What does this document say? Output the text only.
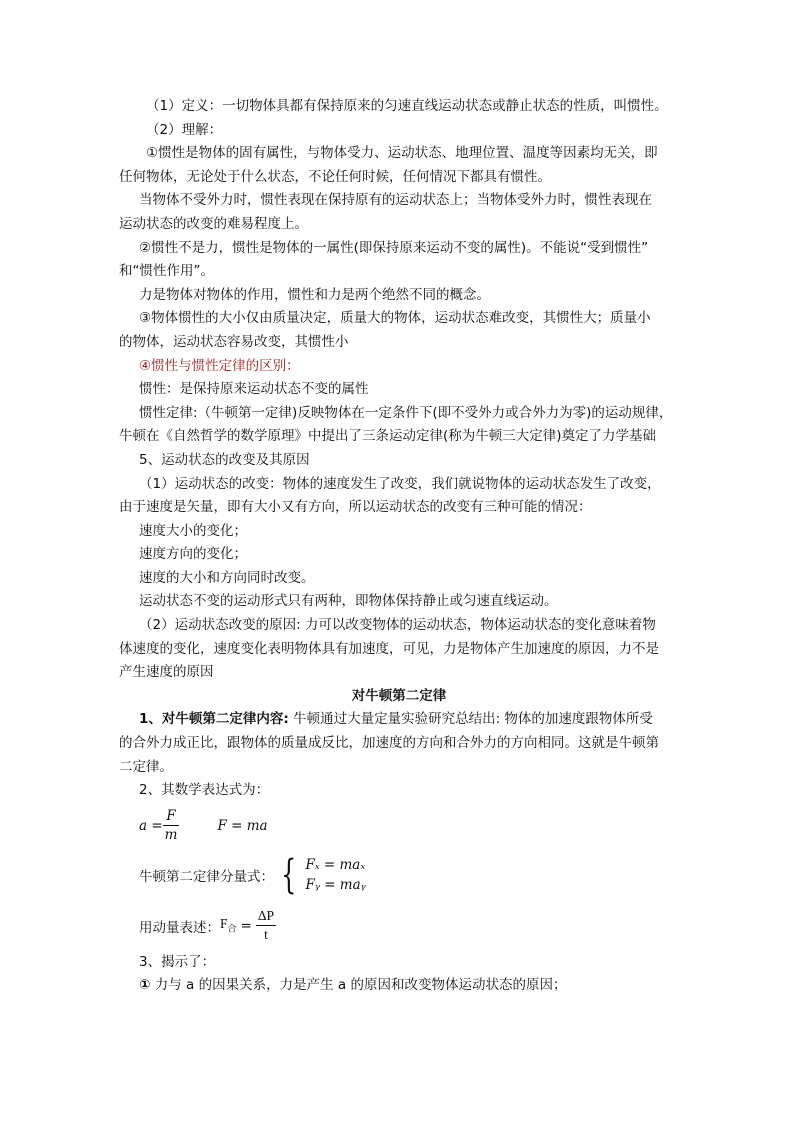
（1）定义：一切物体具都有保持原来的匀速直线运动状态或静止状态的性质，叫惯性。
（2）理解：
①惯性是物体的固有属性，与物体受力、运动状态、地理位置、温度等因素均无关，即
任何物体，无论处于什么状态，不论任何时候，任何情况下都具有惯性。
当物体不受外力时，惯性表现在保持原有的运动状态上；当物体受外力时，惯性表现在
运动状态的改变的难易程度上。
②惯性不是力，惯性是物体的一属性(即保持原来运动不变的属性)。不能说“受到惯性”
和“惯性作用”。
力是物体对物体的作用，惯性和力是两个绝然不同的概念。
③物体惯性的大小仅由质量决定，质量大的物体，运动状态难改变，其惯性大；质量小
的物体，运动状态容易改变，其惯性小
④惯性与惯性定律的区别：
惯性：是保持原来运动状态不变的属性
惯性定律:（牛顿第一定律)反映物体在一定条件下(即不受外力或合外力为零)的运动规律，
牛顿在《自然哲学的数学原理》中提出了三条运动定律(称为牛顿三大定律)奠定了力学基础
5、运动状态的改变及其原因
（1）运动状态的改变：物体的速度发生了改变，我们就说物体的运动状态发生了改变，
由于速度是矢量，即有大小又有方向，所以运动状态的改变有三种可能的情况：
速度大小的变化；
速度方向的变化；
速度的大小和方向同时改变。
运动状态不变的运动形式只有两种，即物体保持静止或匀速直线运动。
（2）运动状态改变的原因: 力可以改变物体的运动状态，物体运动状态的变化意味着物
体速度的变化，速度变化表明物体具有加速度，可见，力是物体产生加速度的原因，力不是
产生速度的原因
对牛顿第二定律
1、对牛顿第二定律内容: 牛顿通过大量定量实验研究总结出: 物体的加速度跟物体所受
的合外力成正比，跟物体的质量成反比，加速度的方向和合外力的方向相同。这就是牛顿第
二定律。
2、其数学表达式为：
$a = \frac{F}{m}$	F = ma
牛顿第二定律分量式： { Fₓ = maₓ
Fᵧ = maᵧ
用动量表述： $F_合 = \frac{\Delta P}{t}$
3、揭示了：
① 力与 a 的因果关系，力是产生 a 的原因和改变物体运动状态的原因；
